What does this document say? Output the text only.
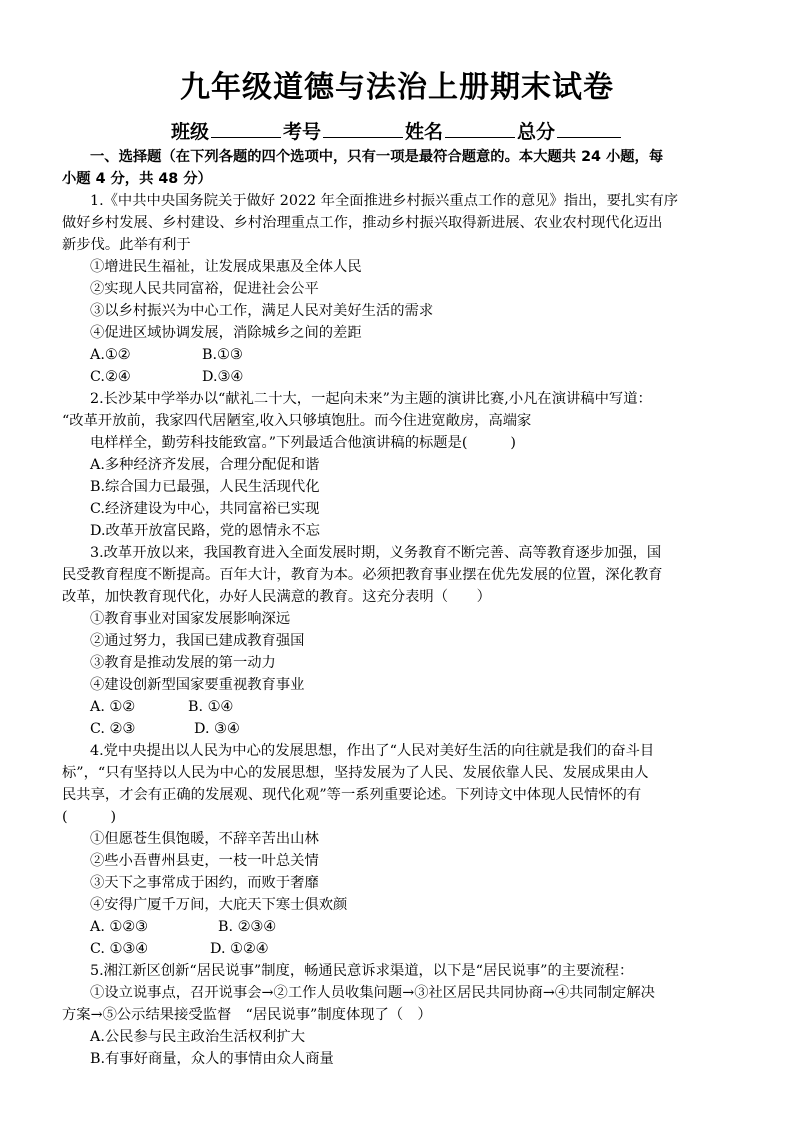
九年级道德与法治上册期末试卷
班级	考号	姓名	总分
一、选择题（在下列各题的四个选项中，只有一项是最符合题意的。本大题共 24 小题，每
小题 4 分，共 48 分）
1.《中共中央国务院关于做好 2022 年全面推进乡村振兴重点工作的意见》指出，要扎实有序
做好乡村发展、乡村建设、乡村治理重点工作，推动乡村振兴取得新进展、农业农村现代化迈出
新步伐。此举有利于
①增进民生福祉，让发展成果惠及全体人民
②实现人民共同富裕，促进社会公平
③以乡村振兴为中心工作，满足人民对美好生活的需求
④促进区域协调发展，消除城乡之间的差距
A.①②	B.①③
C.②④	D.③④
2.长沙某中学举办以“献礼二十大，一起向未来”为主题的演讲比赛,小凡在演讲稿中写道：
“改革开放前，我家四代居陋室,收入只够填饱肚。而今住进宽敞房，高端家
电样样全，勤劳科技能致富。”下列最适合他演讲稿的标题是(　　　)
A.多种经济齐发展，合理分配促和谐
B.综合国力已最强，人民生活现代化
C.经济建设为中心，共同富裕已实现
D.改革开放富民路，党的恩情永不忘
3.改革开放以来，我国教育进入全面发展时期，义务教育不断完善、高等教育逐步加强，国
民受教育程度不断提高。百年大计，教育为本。必须把教育事业摆在优先发展的位置，深化教育
改革，加快教育现代化，办好人民满意的教育。这充分表明（　　）
①教育事业对国家发展影响深远
②通过努力，我国已建成教育强国
③教育是推动发展的第一动力
④建设创新型国家要重视教育事业
A. ①②	B. ①④
C. ②③	D. ③④
4.党中央提出以人民为中心的发展思想，作出了“人民对美好生活的向往就是我们的奋斗目
标”，“只有坚持以人民为中心的发展思想，坚持发展为了人民、发展依靠人民、发展成果由人
民共享，才会有正确的发展观、现代化观”等一系列重要论述。下列诗文中体现人民情怀的有
(　　　)
①但愿苍生俱饱暖，不辞辛苦出山林
②些小吾曹州县吏，一枝一叶总关情
③天下之事常成于困约，而败于奢靡
④安得广厦千万间，大庇天下寒士俱欢颜
A. ①②③	B. ②③④
C. ①③④	D. ①②④
5.湘江新区创新“居民说事”制度，畅通民意诉求渠道，以下是“居民说事”的主要流程：
①设立说事点，召开说事会→②工作人员收集问题→③社区居民共同协商→④共同制定解决
方案→⑤公示结果接受监督　“居民说事”制度体现了（　）
A.公民参与民主政治生活权利扩大
B.有事好商量，众人的事情由众人商量
